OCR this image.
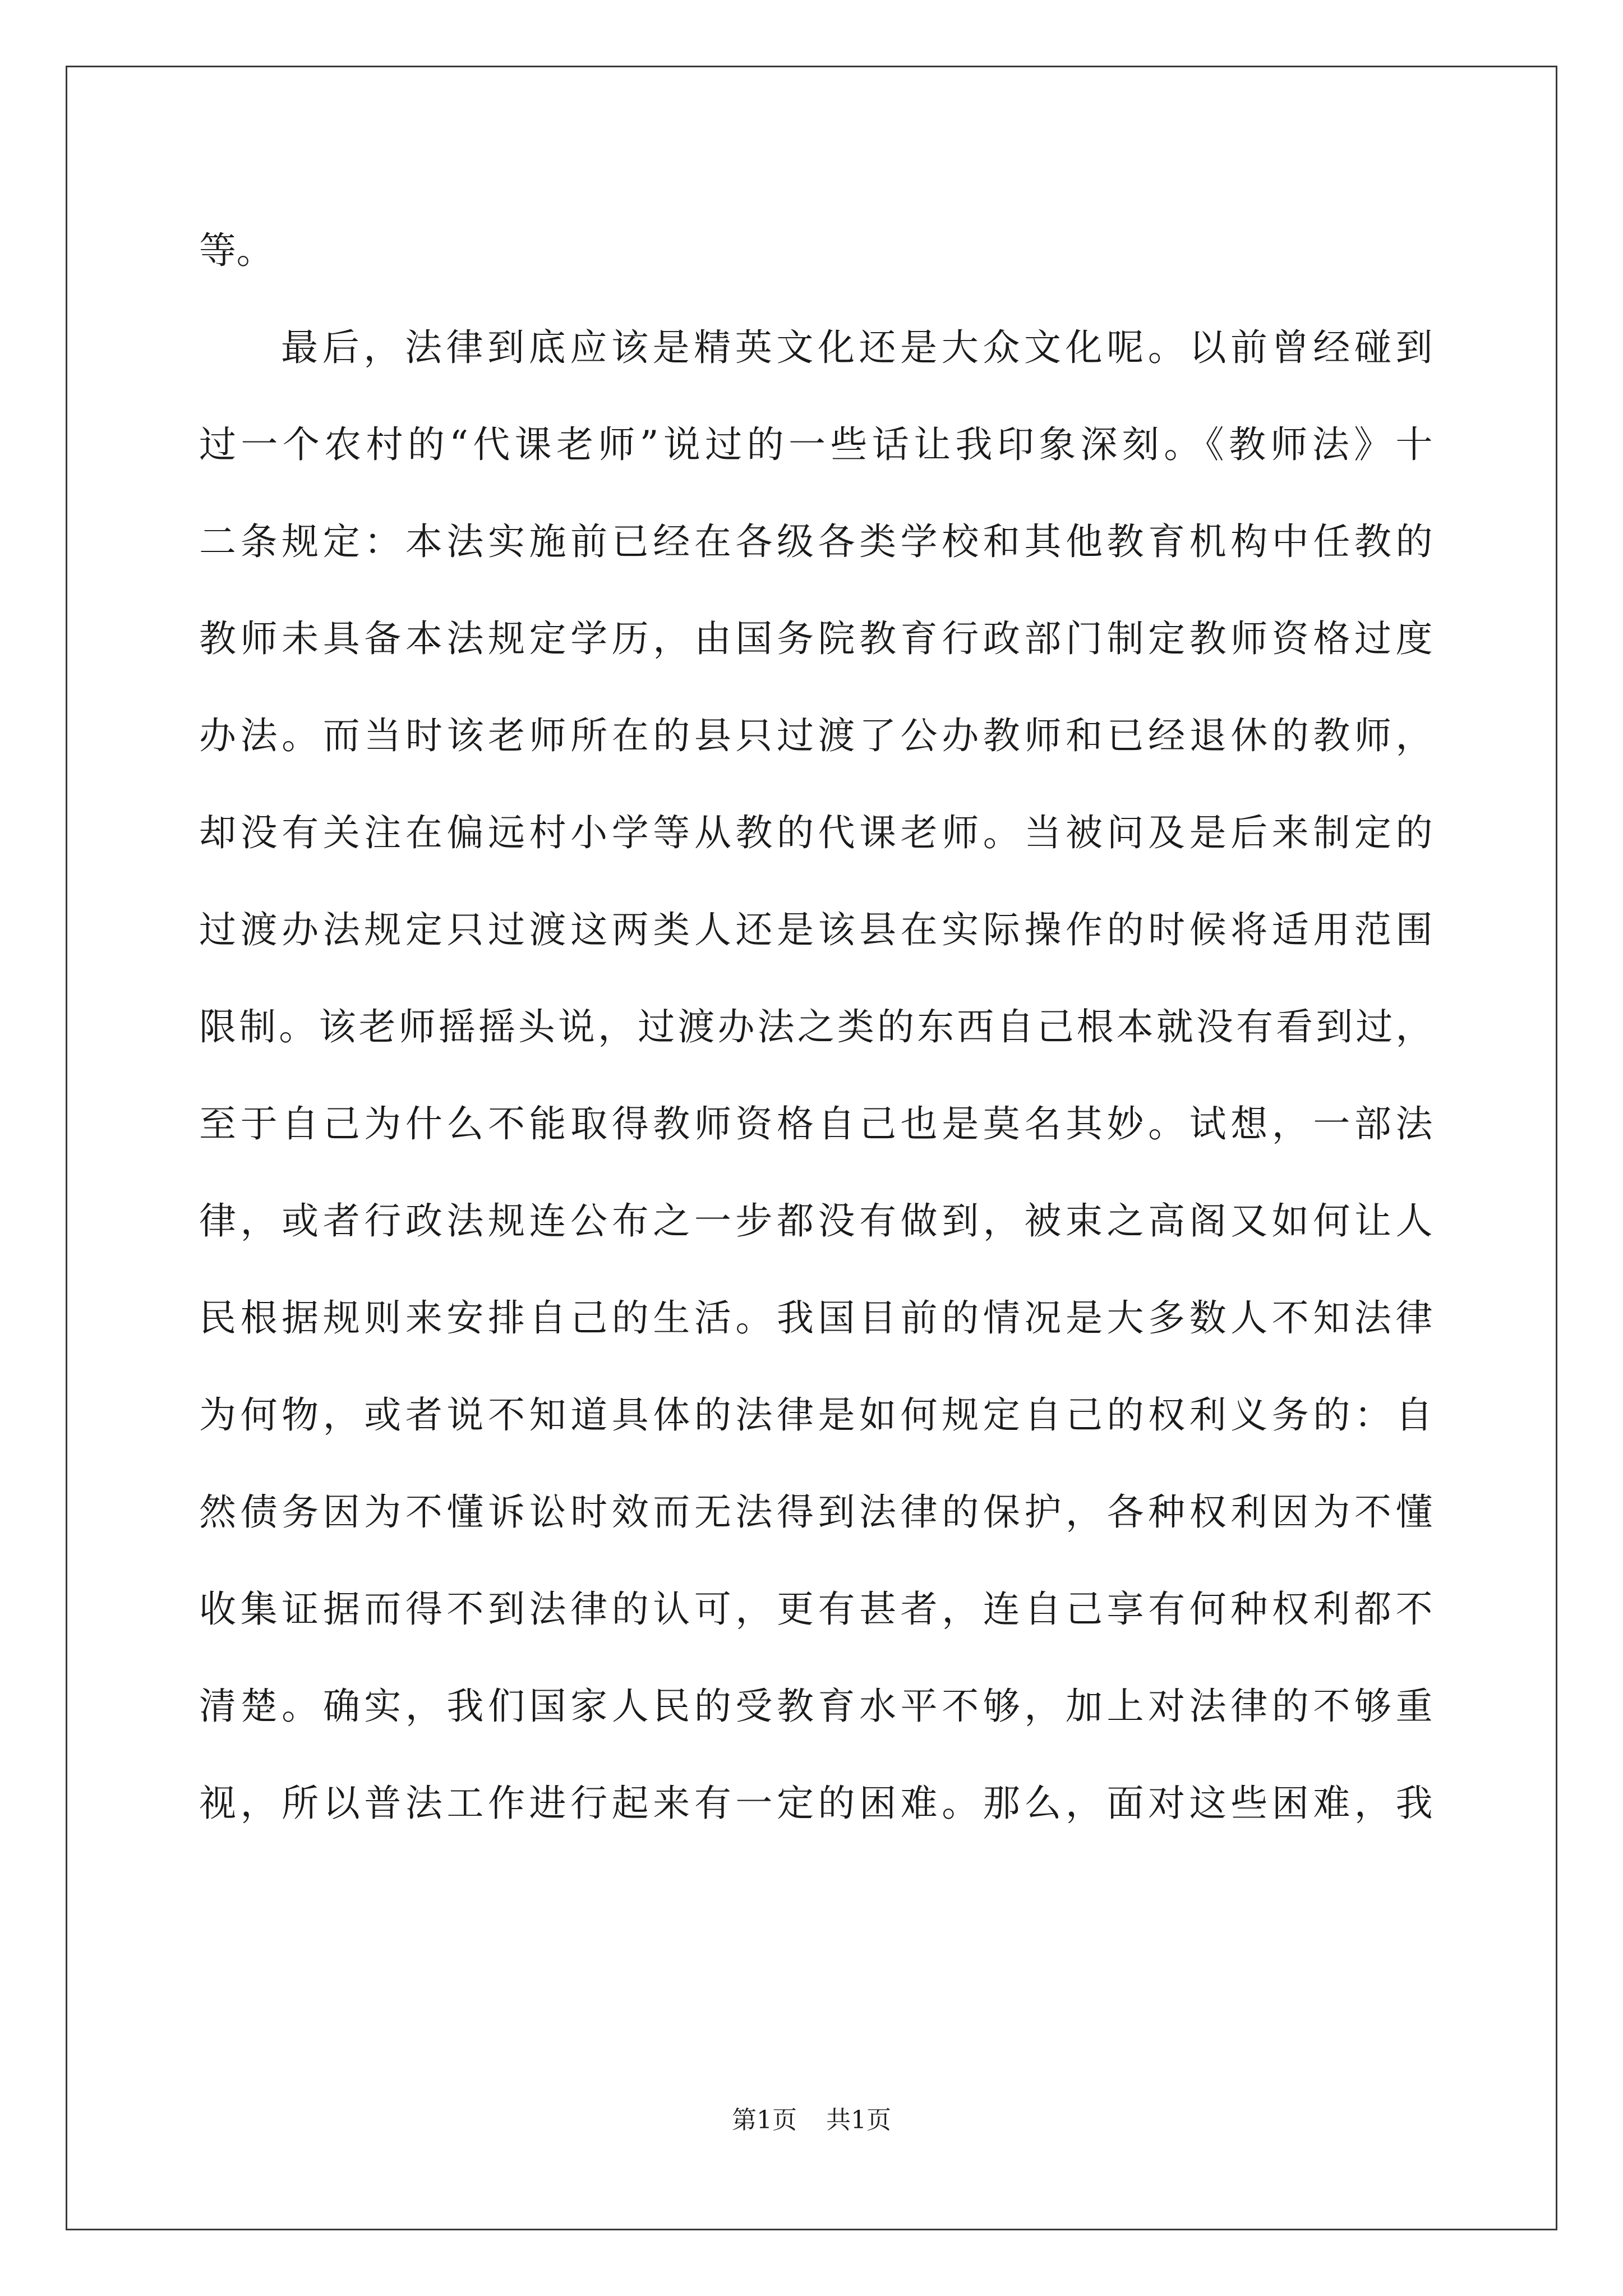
等。
最后，法律到底应该是精英文化还是大众文化呢。以前曾经碰到
过一个农村的“代课老师”说过的一些话让我印象深刻。《教师法》十
二条规定：本法实施前已经在各级各类学校和其他教育机构中任教的
教师未具备本法规定学历，由国务院教育行政部门制定教师资格过度
办法。而当时该老师所在的县只过渡了公办教师和已经退休的教师，
却没有关注在偏远村小学等从教的代课老师。当被问及是后来制定的
过渡办法规定只过渡这两类人还是该县在实际操作的时候将适用范围
限制。该老师摇摇头说，过渡办法之类的东西自己根本就没有看到过，
至于自己为什么不能取得教师资格自己也是莫名其妙。试想，一部法
律，或者行政法规连公布之一步都没有做到，被束之高阁又如何让人
民根据规则来安排自己的生活。我国目前的情况是大多数人不知法律
为何物，或者说不知道具体的法律是如何规定自己的权利义务的：自
然债务因为不懂诉讼时效而无法得到法律的保护，各种权利因为不懂
收集证据而得不到法律的认可，更有甚者，连自己享有何种权利都不
清楚。确实，我们国家人民的受教育水平不够，加上对法律的不够重
视，所以普法工作进行起来有一定的困难。那么，面对这些困难，我
第1页 共1页
